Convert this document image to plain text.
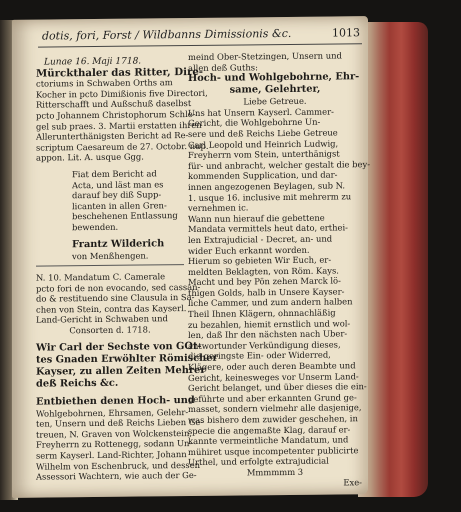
dotis, fori, Forst / Wildbanns Dimissionis &c.	1013
Lunae 16. Maji 1718.
Mürckthaler das Ritter, Dire-
ctoriums in Schwaben Orths am
Kocher in pcto Dimißionis five Directori,
Ritterschafft und Außschuß daselbst
pcto Johannem Christophorum Schle-
gel sub praes. 3. Martii erstatten ihren
Allerunterthänigsten Bericht ad Re-
scriptum Caesareum de 27. Octobr. nup.
appon. Lit. A. usque Ggg.
Fiat dem Bericht ad
Acta, und läst man es
darauf bey diß Supp-
licanten in allen Gren-
beschehenen Entlassung
bewenden.
Frantz Wilderich
von Menßhengen.
N. 10. Mandatum C. Camerale
pcto fori de non evocando, sed cassan-
do & restituendo sine Clausula in Sa-
chen von Stein, contra das Kayserl.
Land-Gericht in Schwaben und
Consorten d. 1718.
Wir Carl der Sechste von GOt-
tes Gnaden Erwöhlter Römischer
Kayser, zu allen Zeiten Mehrer
deß Reichs &c.
Entbiethen denen Hoch- und
Wohlgebohrnen, Ehrsamen, Gelehr-
ten, Unsern und deß Reichs Lieben Ge-
treuen, N. Graven von Wolckenstein,
Freyherrn zu Rottenegg, sodann Un-
serm Kayserl. Land-Richter, Johann
Wilhelm von Eschenbruck, und dessen
Assessori Wachtern, wie auch der Ge-
meind Ober-Stetzingen, Unsern und
allen deß Guths:
Hoch- und Wohlgebohrne, Ehr-
same, Gelehrter,
Liebe Getreue.
Uns hat Unsern Kayserl. Cammer-
Gericht, die Wohlgebohrne Un-
sere und deß Reichs Liebe Getreue
Carl Leopold und Heinrich Ludwig,
Freyherrn vom Stein, unterthänigst
für- und anbracht, welcher gestalt die bey-
kommenden Supplication, und dar-
innen angezogenen Beylagen, sub N.
1. usque 16. inclusive mit mehrerm zu
vernehmen ic.
Wann nun hierauf die gebettene
Mandata vermittels heut dato, erthei-
len Extrajudicial - Decret, an- und
wider Euch erkannt worden.
Hierum so gebieten Wir Euch, er-
meldten Beklagten, von Röm. Kays.
Macht und bey Pön zehen Marck lö-
thigen Golds, halb in Unsere Kayser-
liche Cammer, und zum andern halben
Theil Ihnen Klägern, ohnnachläßig
zu bezahlen, hiemit ernstlich und wol-
len, daß Ihr den nächsten nach Uber-
antwortunder Verkündigung dieses,
die geringste Ein- oder Widerred,
Klägere, oder auch deren Beambte und
Gericht, keinesweges vor Unserm Land-
Gericht belanget, und über dieses die ein-
geführte und aber erkannten Grund ge-
masset, sondern vielmehr alle dasjenige,
was bishero dem zuwider geschehen, in
specie die angemaßte Klag, darauf er-
kannte vermeintliche Mandatum, und
mühiret usque incompetenter publicirte
Urthel, und erfolgte extrajudicial
Mmmmmm 3
Exe-
